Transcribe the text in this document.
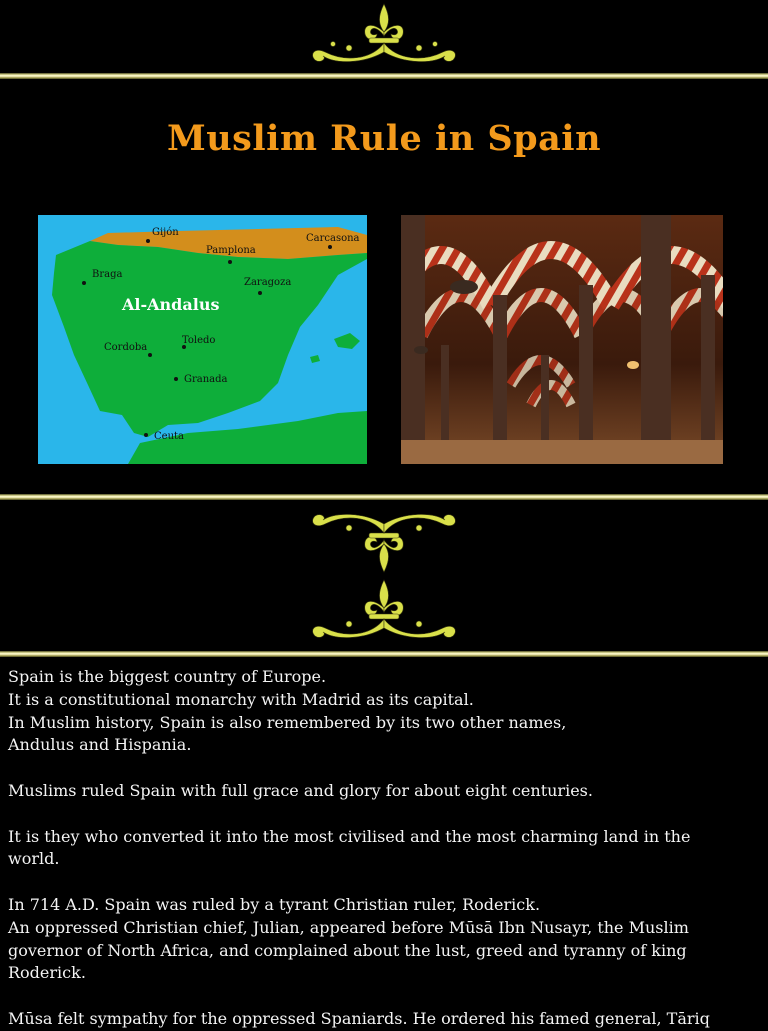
Muslim Rule in Spain
Gijón
Carcasona
Pamplona
Braga
Zaragoza
Al-Andalus
Cordoba
Toledo
Granada
Ceuta

Spain is the biggest country of Europe.
It is a constitutional monarchy with Madrid as its capital.
In Muslim history, Spain is also remembered by its two other names,
Andulus and Hispania.

Muslims ruled Spain with full grace and glory for about eight centuries.

It is they who converted it into the most civilised and the most charming land in the
world.

In 714 A.D. Spain was ruled by a tyrant Christian ruler, Roderick.
An oppressed Christian chief, Julian, appeared before Mūsā Ibn Nusayr, the Muslim
governor of North Africa, and complained about the lust, greed and tyranny of king
Roderick.

Mūsa felt sympathy for the oppressed Spaniards. He ordered his famed general, Tāriq
